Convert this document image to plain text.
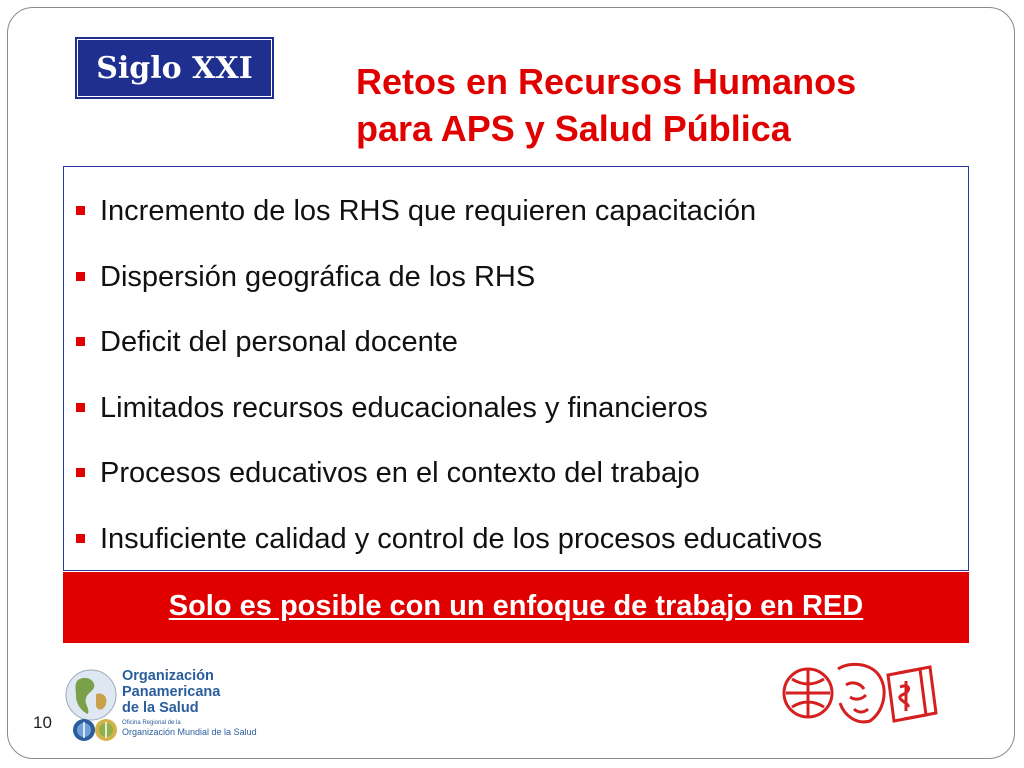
Siglo XXI	Retos en Recursos Humanos
para APS y Salud Pública
Incremento de los RHS que requieren capacitación
Dispersión geográfica de los RHS
Deficit del personal docente
Limitados recursos educacionales y financieros
Procesos educativos en el contexto del trabajo
Insuficiente calidad y control de los procesos educativos
Solo es posible con un enfoque de trabajo en RED
10
Organización
Panamericana
de la Salud
Oficina Regional de la
Organización Mundial de la Salud
